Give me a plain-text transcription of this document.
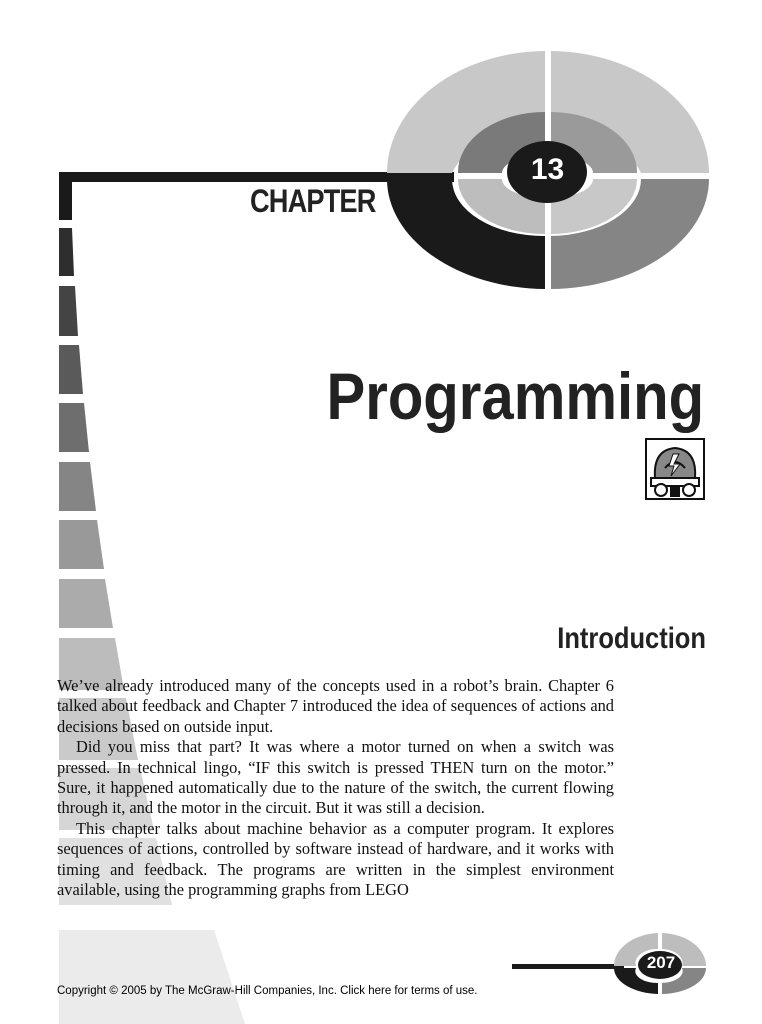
CHAPTER
13
Programming
Introduction

We’ve already introduced many of the concepts used in a robot’s brain. Chapter 6 talked about feedback and Chapter 7 introduced the idea of sequences of actions and decisions based on outside input.

Did you miss that part? It was where a motor turned on when a switch was pressed. In technical lingo, “IF this switch is pressed THEN turn on the motor.” Sure, it happened automatically due to the nature of the switch, the current flowing through it, and the motor in the circuit. But it was still a decision.

This chapter talks about machine behavior as a computer program. It explores sequences of actions, controlled by software instead of hardware, and it works with timing and feedback. The programs are written in the simplest environment available, using the programming graphs from LEGO

207
Copyright © 2005 by The McGraw-Hill Companies, Inc. Click here for terms of use.
